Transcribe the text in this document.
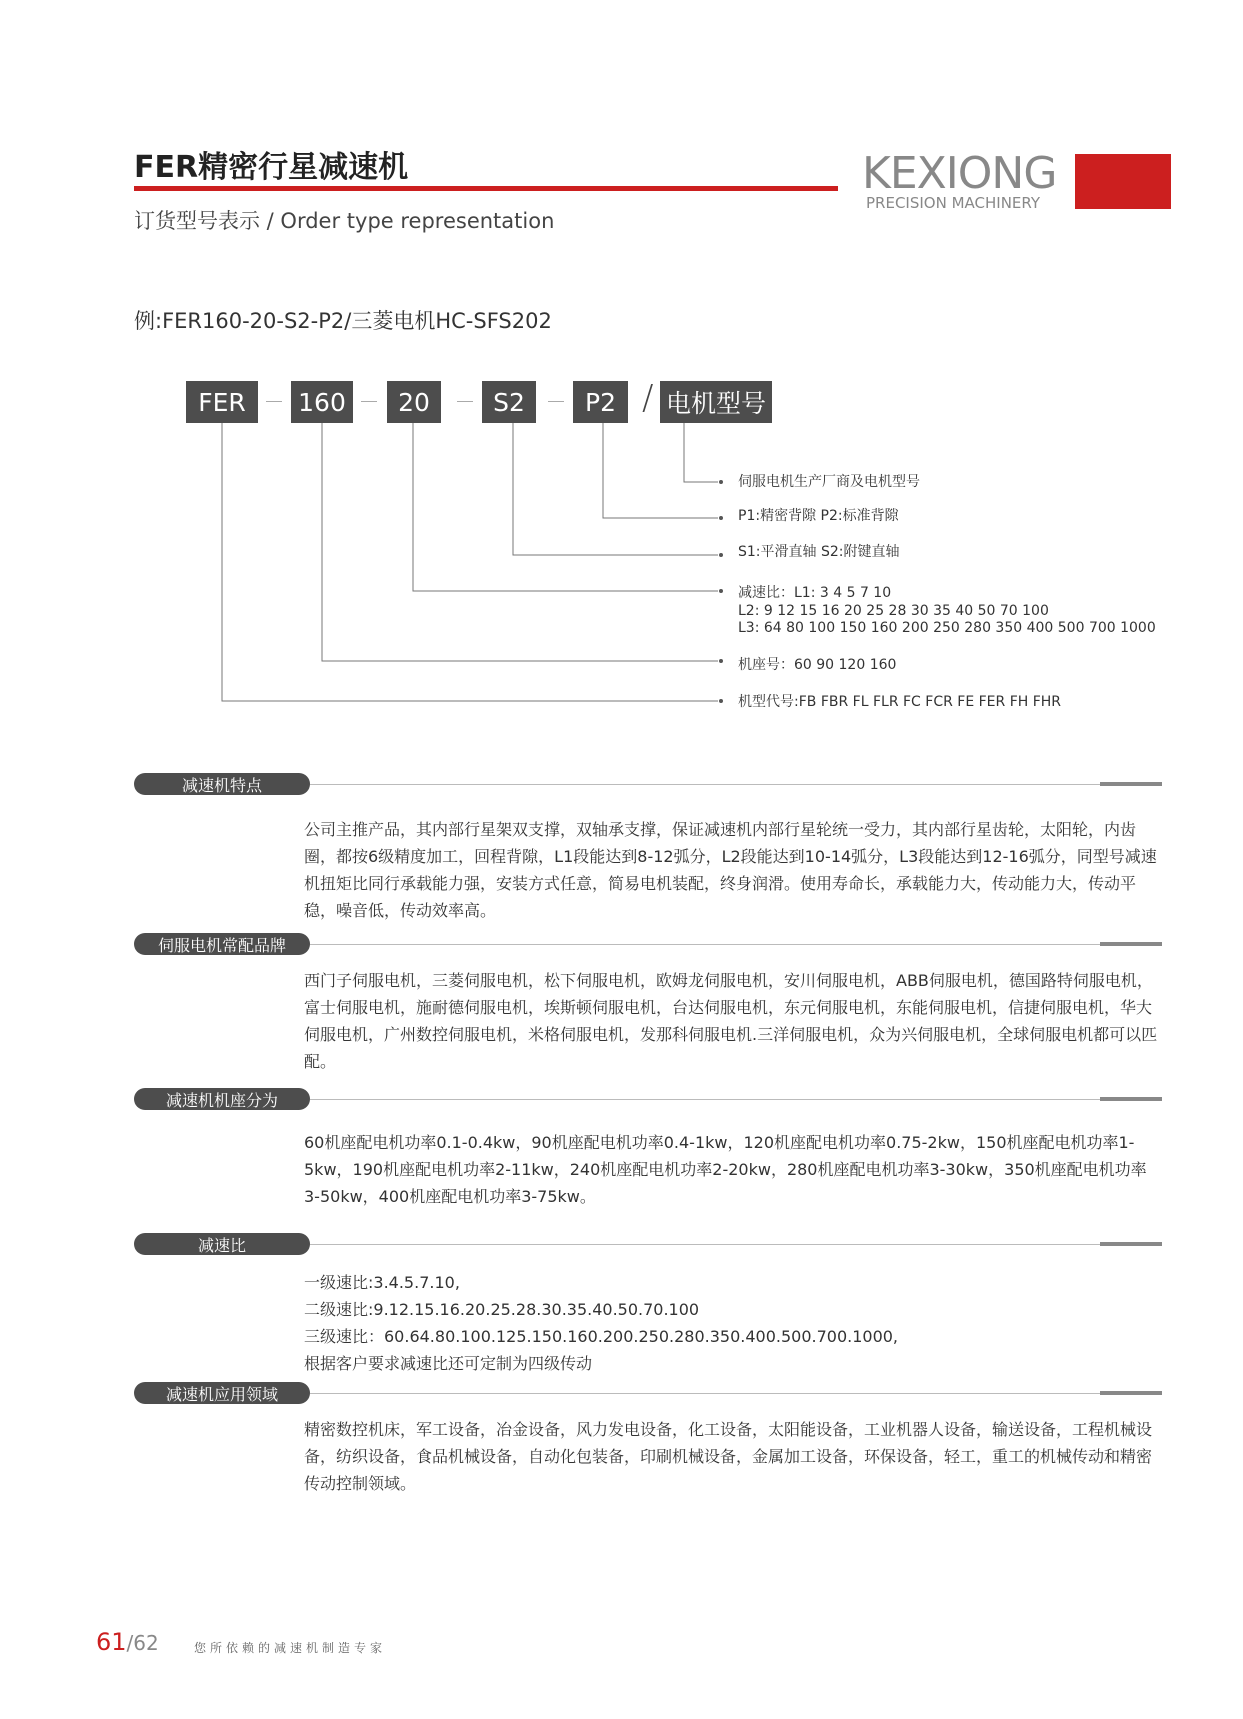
FER精密行星减速机
订货型号表示 / Order type representation
KEXIONG
PRECISION MACHINERY
例:FER160-20-S2-P2/三菱电机HC-SFS202
FER	160	20	S2	P2 / 电机型号
伺服电机生产厂商及电机型号
P1:精密背隙 P2:标准背隙
S1:平滑直轴 S2:附键直轴
减速比：L1: 3 4 5 7 10
L2: 9 12 15 16 20 25 28 30 35 40 50 70 100
L3: 64 80 100 150 160 200 250 280 350 400 500 700 1000
机座号：60 90 120 160
机型代号:FB FBR FL FLR FC FCR FE FER FH FHR
减速机特点
公司主推产品，其内部行星架双支撑，双轴承支撑，保证减速机内部行星轮统一受力，其内部行星齿轮，太阳轮，内齿圈，都按6级精度加工，回程背隙，L1段能达到8-12弧分，L2段能达到10-14弧分，L3段能达到12-16弧分，同型号减速机扭矩比同行承载能力强，安装方式任意，简易电机装配，终身润滑。使用寿命长，承载能力大，传动能力大，传动平稳，噪音低，传动效率高。
伺服电机常配品牌
西门子伺服电机，三菱伺服电机，松下伺服电机，欧姆龙伺服电机，安川伺服电机，ABB伺服电机，德国路特伺服电机，富士伺服电机，施耐德伺服电机，埃斯顿伺服电机，台达伺服电机，东元伺服电机，东能伺服电机，信捷伺服电机，华大伺服电机，广州数控伺服电机，米格伺服电机，发那科伺服电机.三洋伺服电机，众为兴伺服电机，全球伺服电机都可以匹配。
减速机机座分为
60机座配电机功率0.1-0.4kw，90机座配电机功率0.4-1kw，120机座配电机功率0.75-2kw，150机座配电机功率1-5kw，190机座配电机功率2-11kw，240机座配电机功率2-20kw，280机座配电机功率3-30kw，350机座配电机功率3-50kw，400机座配电机功率3-75kw。
减速比
一级速比:3.4.5.7.10,
二级速比:9.12.15.16.20.25.28.30.35.40.50.70.100
三级速比：60.64.80.100.125.150.160.200.250.280.350.400.500.700.1000,
根据客户要求减速比还可定制为四级传动
减速机应用领域
精密数控机床，军工设备，冶金设备，风力发电设备，化工设备，太阳能设备，工业机器人设备，输送设备，工程机械设备，纺织设备，食品机械设备，自动化包装备，印刷机械设备，金属加工设备，环保设备，轻工，重工的机械传动和精密传动控制领域。
61/62	您所依赖的减速机制造专家
